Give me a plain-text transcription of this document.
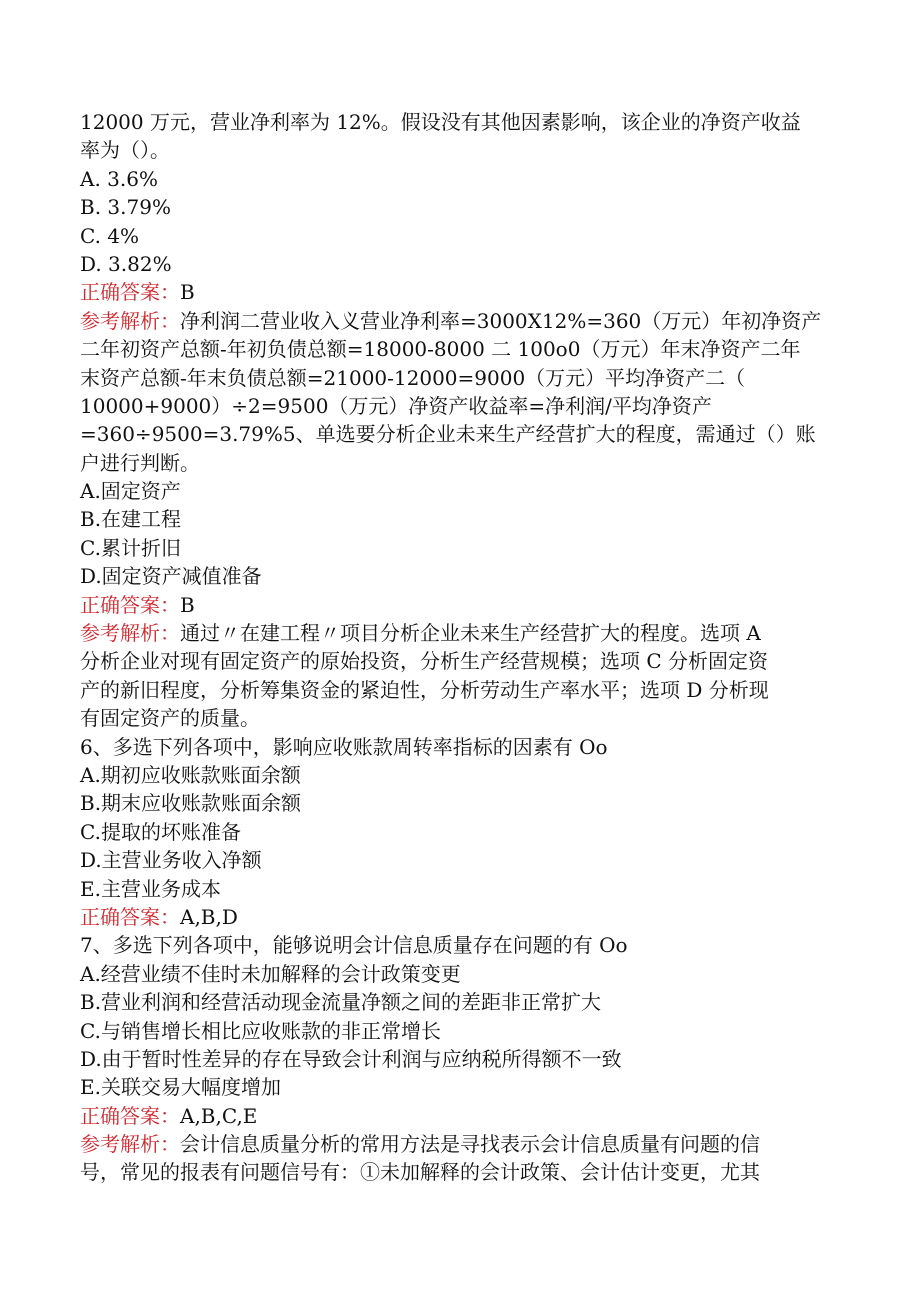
12000 万元，营业净利率为 12%。假设没有其他因素影响，该企业的净资产收益
率为（）。
A. 3.6%
B. 3.79%
C. 4%
D. 3.82%
正确答案：B
参考解析：净利润二营业收入义营业净利率=3000X12%=360（万元）年初净资产
二年初资产总额-年初负债总额=18000-8000 二 100o0（万元）年末净资产二年
末资产总额-年末负债总额=21000-12000=9000（万元）平均净资产二（
10000+9000）÷2=9500（万元）净资产收益率=净利润/平均净资产
=360÷9500=3.79%5、单选要分析企业未来生产经营扩大的程度，需通过（）账
户进行判断。
A.固定资产
B.在建工程
C.累计折旧
D.固定资产减值准备
正确答案：B
参考解析：通过〃在建工程〃项目分析企业未来生产经营扩大的程度。选项 A
分析企业对现有固定资产的原始投资，分析生产经营规模；选项 C 分析固定资
产的新旧程度，分析筹集资金的紧迫性，分析劳动生产率水平；选项 D 分析现
有固定资产的质量。
6、多选下列各项中，影响应收账款周转率指标的因素有 Oo
A.期初应收账款账面余额
B.期末应收账款账面余额
C.提取的坏账准备
D.主营业务收入净额
E.主营业务成本
正确答案：A,B,D
7、多选下列各项中，能够说明会计信息质量存在问题的有 Oo
A.经营业绩不佳时未加解释的会计政策变更
B.营业利润和经营活动现金流量净额之间的差距非正常扩大
C.与销售增长相比应收账款的非正常增长
D.由于暂时性差异的存在导致会计利润与应纳税所得额不一致
E.关联交易大幅度增加
正确答案：A,B,C,E
参考解析：会计信息质量分析的常用方法是寻找表示会计信息质量有问题的信
号，常见的报表有问题信号有：①未加解释的会计政策、会计估计变更，尤其
